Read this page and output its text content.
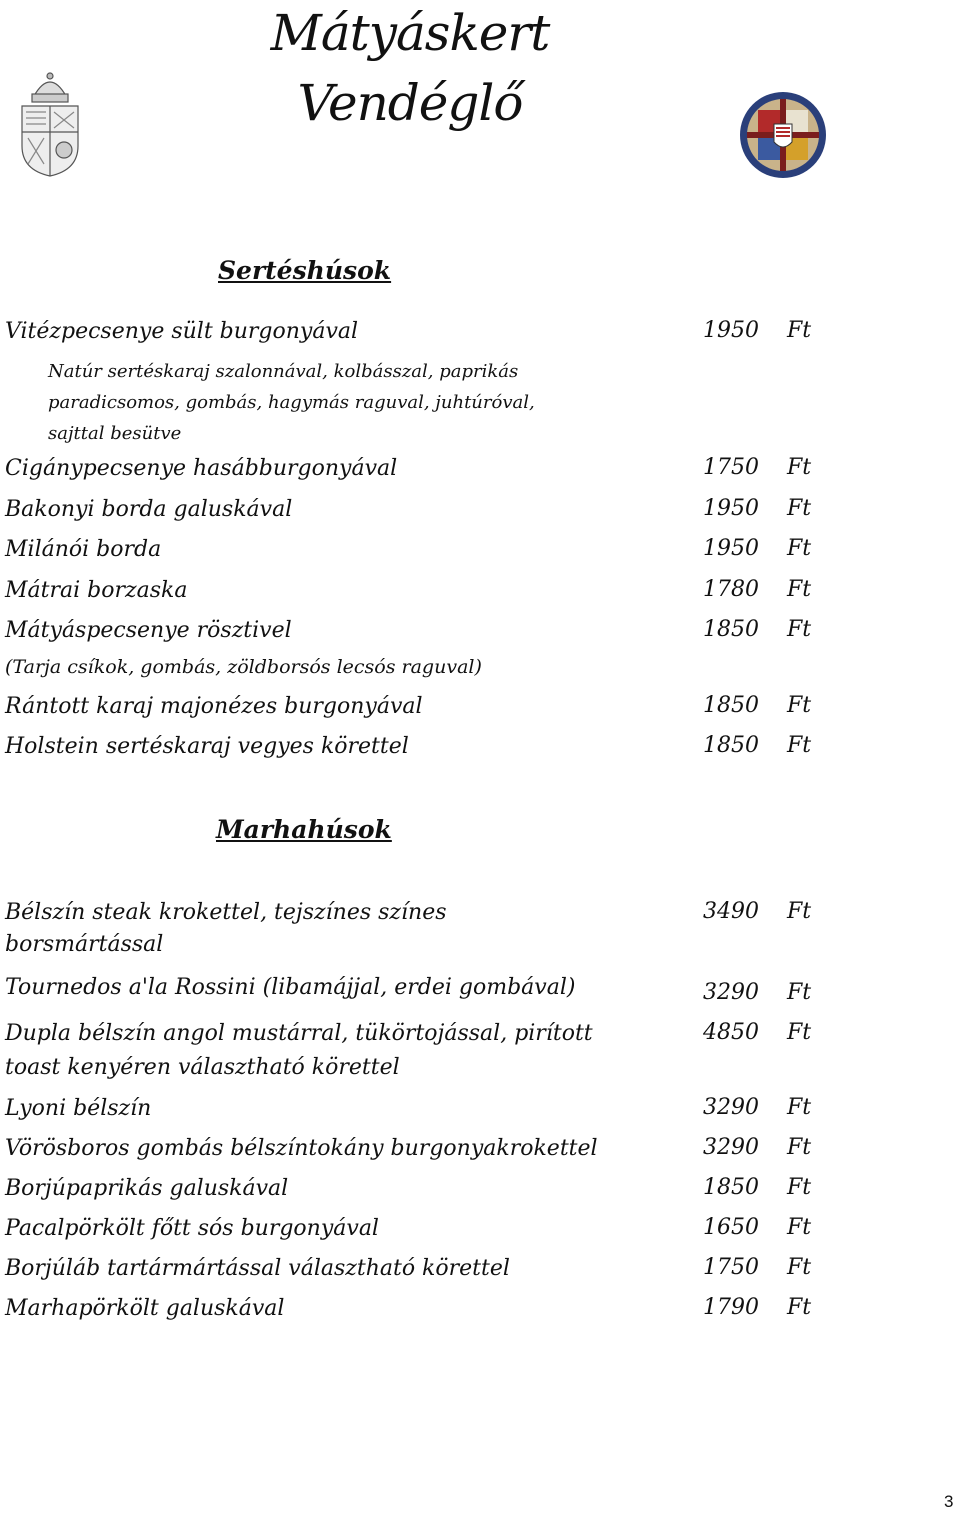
Mátyáskert
Vendéglő
Sertéshúsok
Vitézpecsenye sült burgonyával	1950 Ft
Natúr sertéskaraj szalonnával, kolbásszal, paprikás
paradicsomos, gombás, hagymás raguval, juhtúróval,
sajttal besütve
Cigánypecsenye hasábburgonyával	1750 Ft
Bakonyi borda galuskával	1950 Ft
Milánói borda	1950 Ft
Mátrai borzaska	1780 Ft
Mátyáspecsenye rösztivel	1850 Ft
(Tarja csíkok, gombás, zöldborsós lecsós raguval)
Rántott karaj majonézes burgonyával	1850 Ft
Holstein sertéskaraj vegyes körettel	1850 Ft
Marhahúsok
Bélszín steak krokettel, tejszínes színes	3490 Ft
borsmártással
Tournedos a'la Rossini (libamájjal, erdei gombával)	3290 Ft
Dupla bélszín angol mustárral, tükörtojással, pirított	4850 Ft
toast kenyéren választható körettel
Lyoni bélszín	3290 Ft
Vörösboros gombás bélszíntokány burgonyakrokettel	3290 Ft
Borjúpaprikás galuskával	1850 Ft
Pacalpörkölt főtt sós burgonyával	1650 Ft
Borjúláb tartármártással választható körettel	1750 Ft
Marhapörkölt galuskával	1790 Ft
3
